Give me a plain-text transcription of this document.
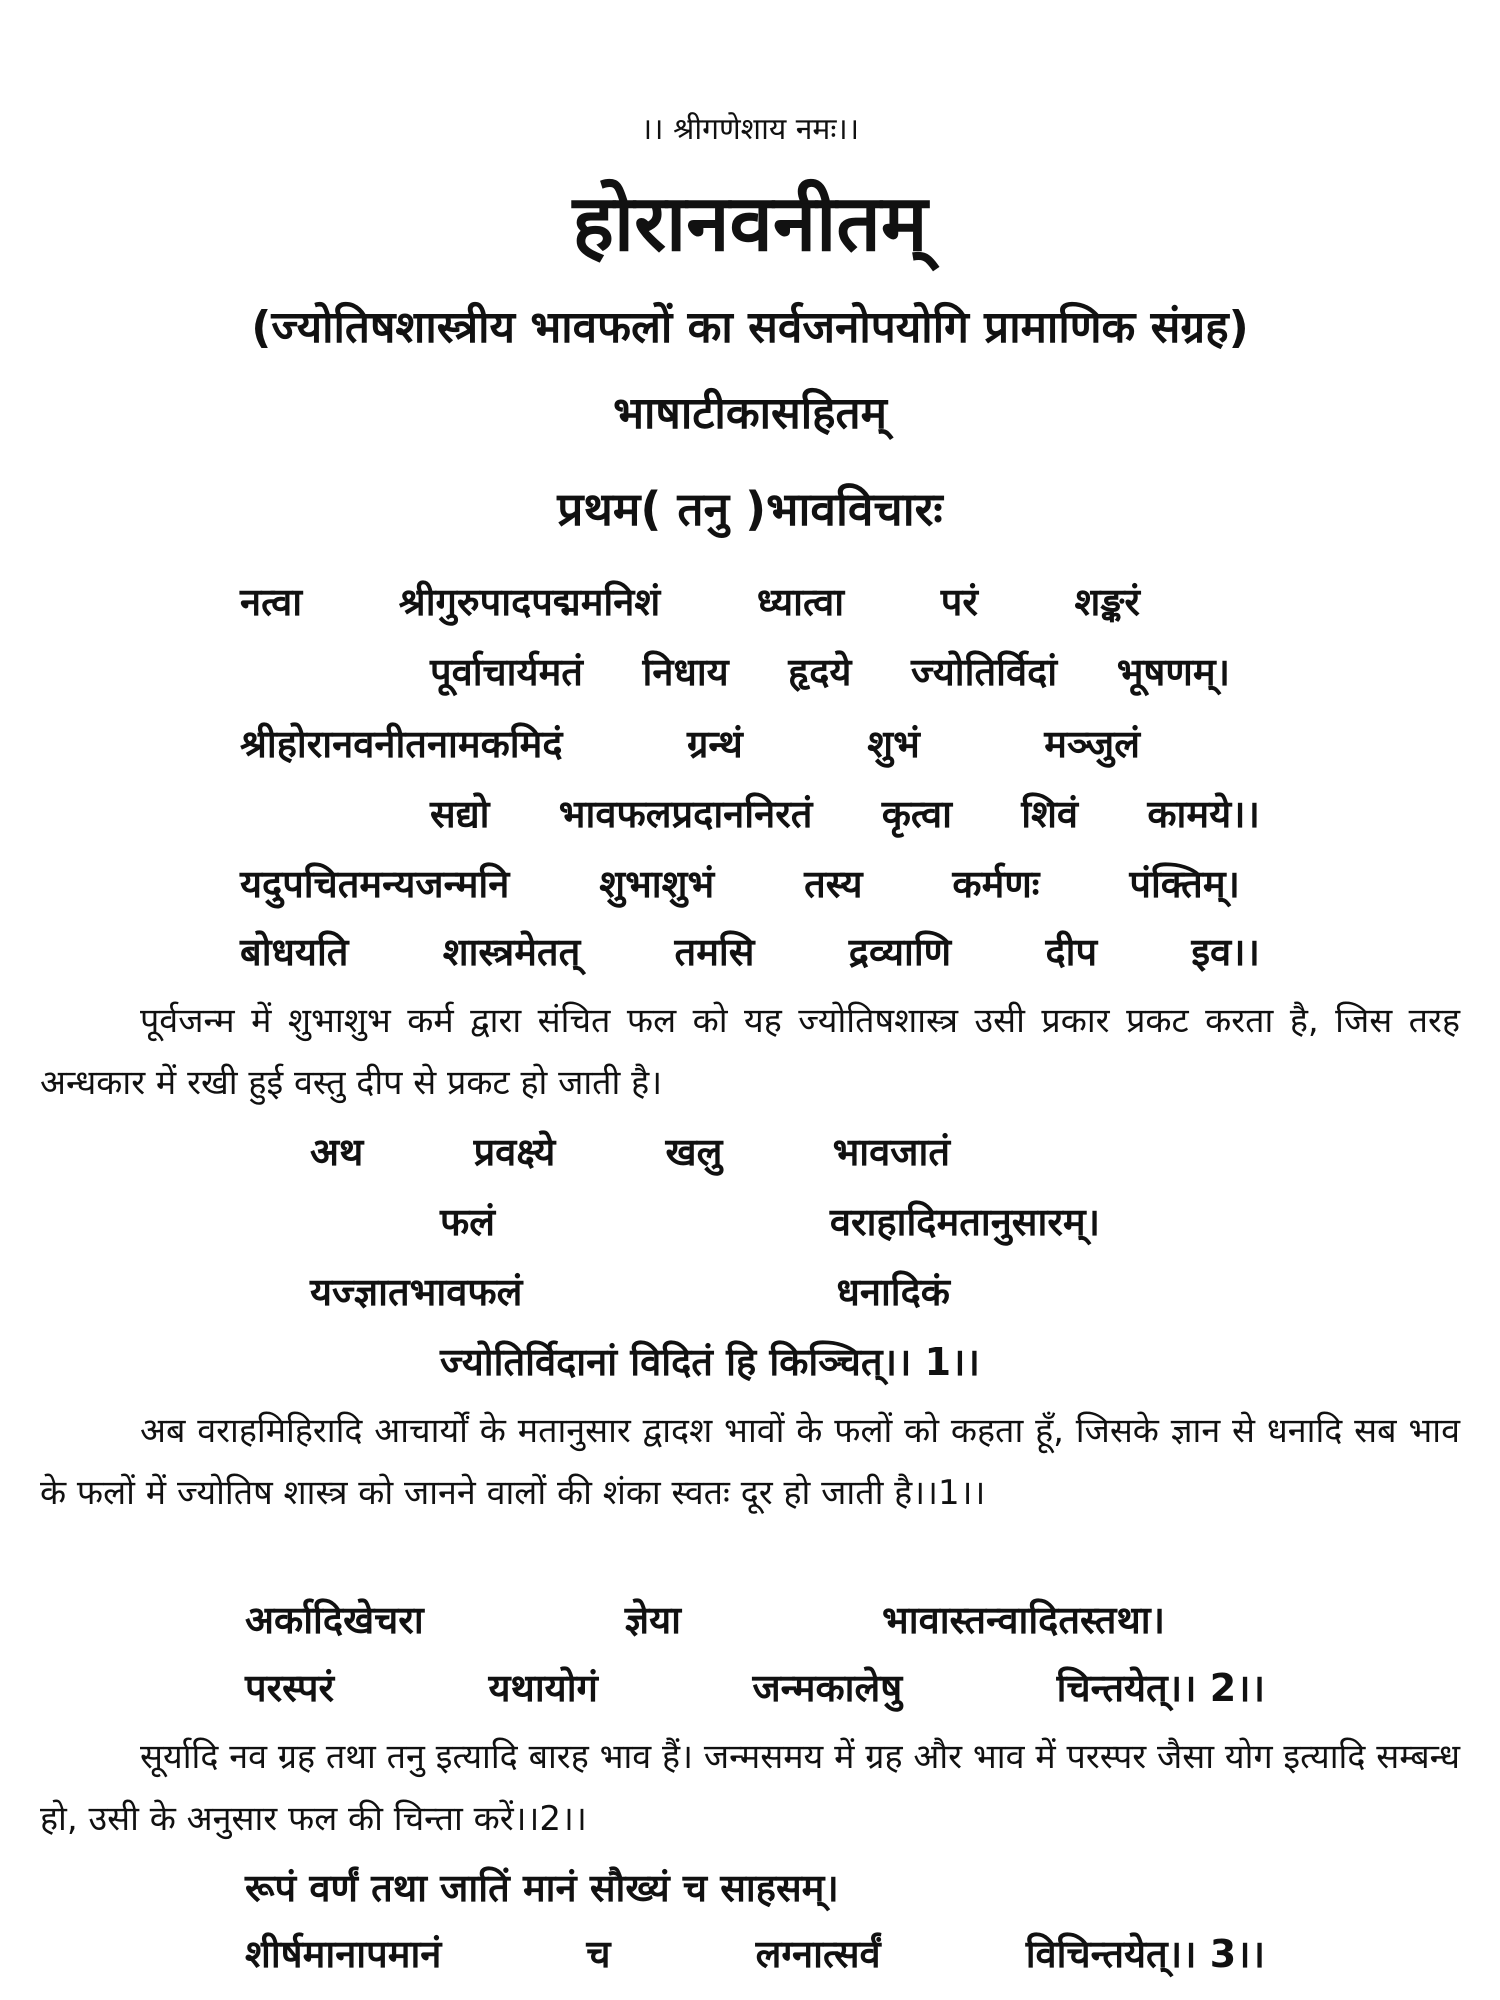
।। श्रीगणेशाय नमः।।
होरानवनीतम्
(ज्योतिषशास्त्रीय भावफलों का सर्वजनोपयोगि प्रामाणिक संग्रह)
भाषाटीकासहितम्
प्रथम( तनु )भावविचारः
नत्वा	श्रीगुरुपादपद्ममनिशं	ध्यात्वा	परं	शङ्करं
पूर्वाचार्यमतं निधाय हृदये ज्योतिर्विदां भूषणम्।
श्रीहोरानवनीतनामकमिदं	ग्रन्थं	शुभं	मञ्जुलं
सद्यो भावफलप्रदाननिरतं कृत्वा शिवं कामये।।
यदुपचितमन्यजन्मनि शुभाशुभं तस्य कर्मणः पंक्तिम्।
बोधयति शास्त्रमेतत् तमसि द्रव्याणि दीप इव।।
पूर्वजन्म में शुभाशुभ कर्म द्वारा संचित फल को यह ज्योतिषशास्त्र उसी प्रकार प्रकट करता है, जिस तरह अन्धकार में रखी हुई वस्तु दीप से प्रकट हो जाती है।
अथ	प्रवक्ष्ये	खलु	भावजातं
फलं	वराहादिमतानुसारम्।
यज्ज्ञातभावफलं	धनादिकं
ज्योतिर्विदानां विदितं हि किञ्चित्।। 1।।
अब वराहमिहिरादि आचार्यों के मतानुसार द्वादश भावों के फलों को कहता हूँ, जिसके ज्ञान से धनादि सब भाव के फलों में ज्योतिष शास्त्र को जानने वालों की शंका स्वतः दूर हो जाती है।।1।।
अर्कादिखेचरा	ज्ञेया	भावास्तन्वादितस्तथा।
परस्परं	यथायोगं	जन्मकालेषु	चिन्तयेत्।। 2।।
सूर्यादि नव ग्रह तथा तनु इत्यादि बारह भाव हैं। जन्मसमय में ग्रह और भाव में परस्पर जैसा योग इत्यादि सम्बन्ध हो, उसी के अनुसार फल की चिन्ता करें।।2।।
रूपं वर्णं तथा जातिं मानं सौख्यं च साहसम्।
शीर्षमानापमानं	च	लग्नात्सर्वं	विचिन्तयेत्।। 3।।
